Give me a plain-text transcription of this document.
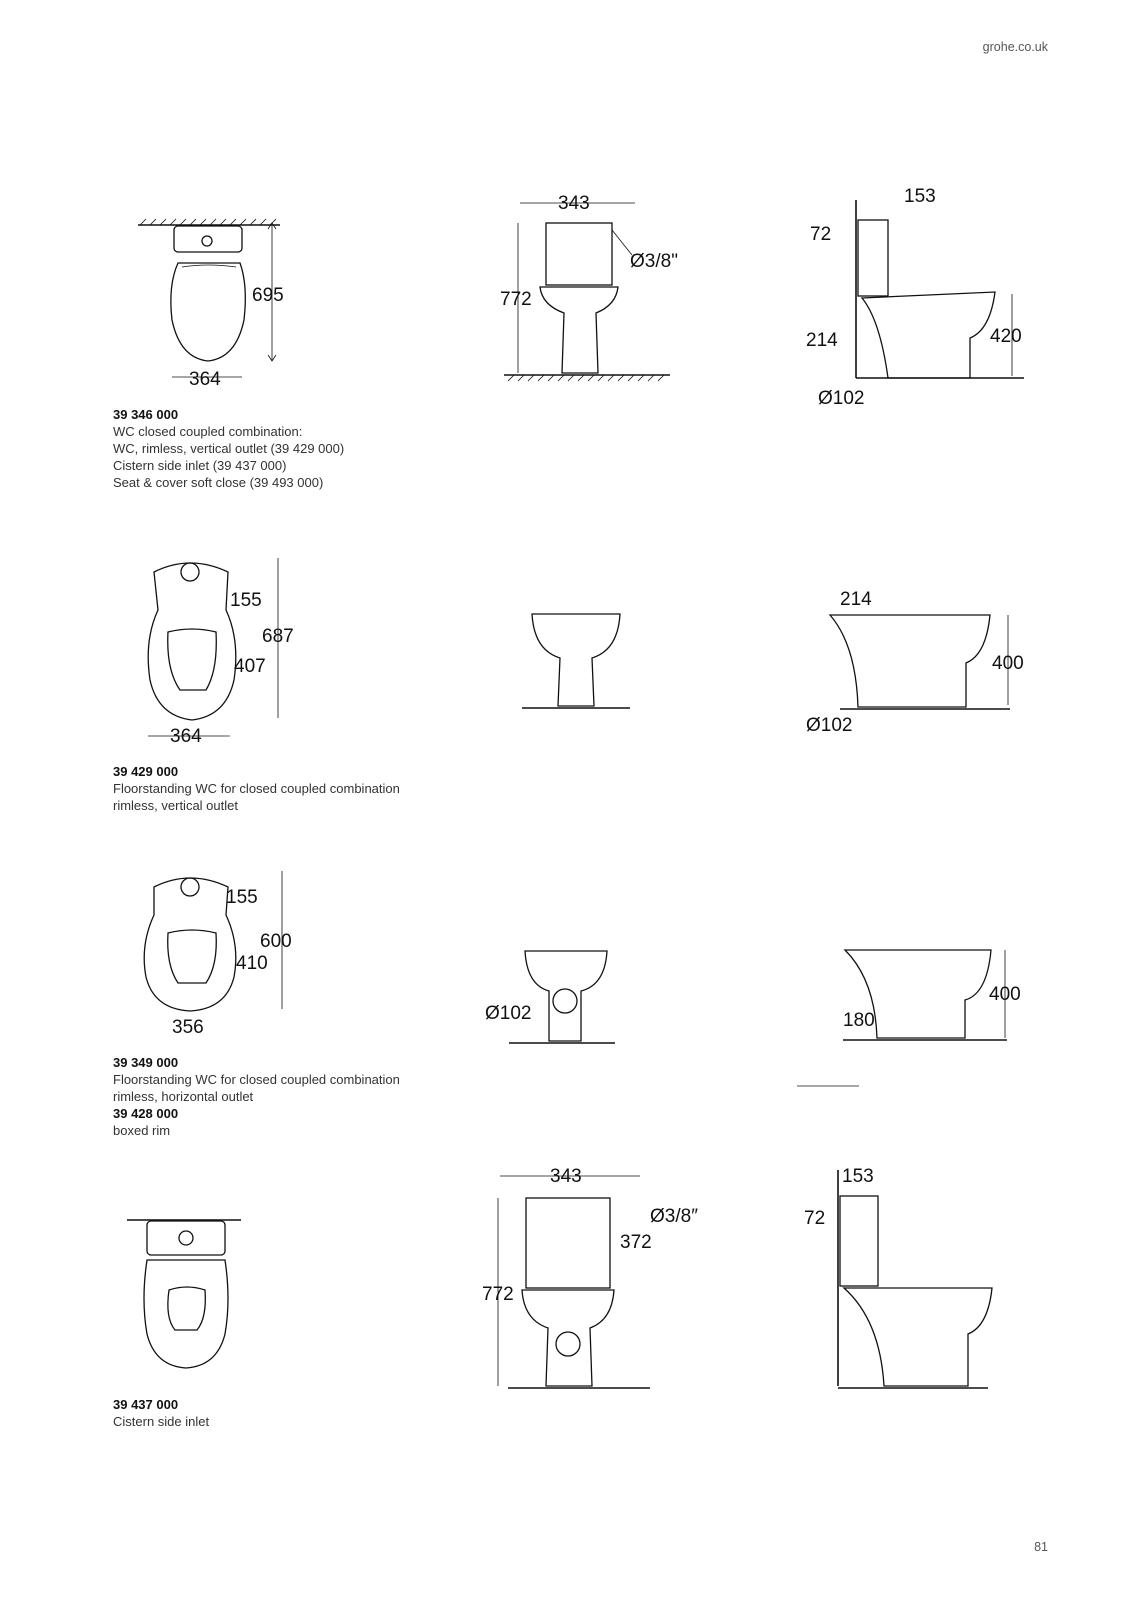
grohe.co.uk
695
364
343
772
Ø3/8"
153
72
420
214
Ø102
39 346 000
WC closed coupled combination:
WC, rimless, vertical outlet (39 429 000)
Cistern side inlet (39 437 000)
Seat & cover soft close (39 493 000)
155
687
407
364
214
400
Ø102
39 429 000
Floorstanding WC for closed coupled combination
rimless, vertical outlet
155
600
410
356
Ø102
400
180
39 349 000
Floorstanding WC for closed coupled combination
rimless, horizontal outlet
39 428 000
boxed rim
343
Ø3/8″
372
772
153
72
39 437 000
Cistern side inlet
81
